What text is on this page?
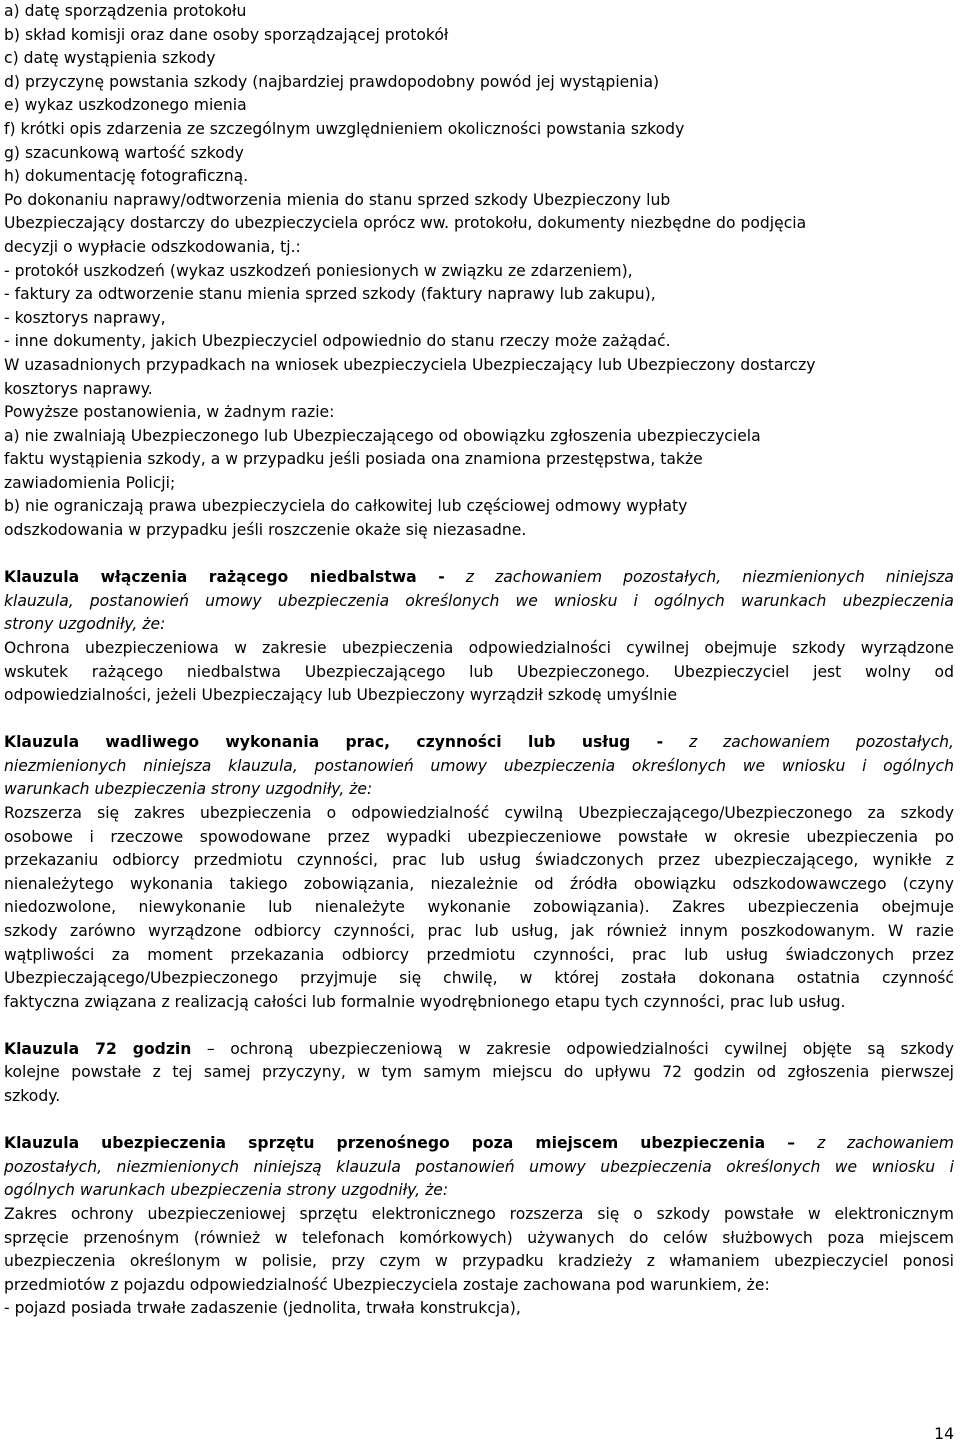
a) datę sporządzenia protokołu
b) skład komisji oraz dane osoby sporządzającej protokół
c) datę wystąpienia szkody
d) przyczynę powstania szkody (najbardziej prawdopodobny powód jej wystąpienia)
e) wykaz uszkodzonego mienia
f) krótki opis zdarzenia ze szczególnym uwzględnieniem okoliczności powstania szkody
g) szacunkową wartość szkody
h) dokumentację fotograficzną.
Po dokonaniu naprawy/odtworzenia mienia do stanu sprzed szkody Ubezpieczony lub
Ubezpieczający dostarczy do ubezpieczyciela oprócz ww. protokołu, dokumenty niezbędne do podjęcia
decyzji o wypłacie odszkodowania, tj.:
- protokół uszkodzeń (wykaz uszkodzeń poniesionych w związku ze zdarzeniem),
- faktury za odtworzenie stanu mienia sprzed szkody (faktury naprawy lub zakupu),
- kosztorys naprawy,
- inne dokumenty, jakich Ubezpieczyciel odpowiednio do stanu rzeczy może zażądać.
W uzasadnionych przypadkach na wniosek ubezpieczyciela Ubezpieczający lub Ubezpieczony dostarczy
kosztorys naprawy.
Powyższe postanowienia, w żadnym razie:
a) nie zwalniają Ubezpieczonego lub Ubezpieczającego od obowiązku zgłoszenia ubezpieczyciela
faktu wystąpienia szkody, a w przypadku jeśli posiada ona znamiona przestępstwa, także
zawiadomienia Policji;
b) nie ograniczają prawa ubezpieczyciela do całkowitej lub częściowej odmowy wypłaty
odszkodowania w przypadku jeśli roszczenie okaże się niezasadne.
Klauzula włączenia rażącego niedbalstwa - z zachowaniem pozostałych, niezmienionych niniejsza
klauzula, postanowień umowy ubezpieczenia określonych we wniosku i ogólnych warunkach ubezpieczenia
strony uzgodniły, że:
Ochrona ubezpieczeniowa w zakresie ubezpieczenia odpowiedzialności cywilnej obejmuje szkody wyrządzone
wskutek rażącego niedbalstwa Ubezpieczającego lub Ubezpieczonego. Ubezpieczyciel jest wolny od
odpowiedzialności, jeżeli Ubezpieczający lub Ubezpieczony wyrządził szkodę umyślnie
Klauzula wadliwego wykonania prac, czynności lub usług - z zachowaniem pozostałych,
niezmienionych niniejsza klauzula, postanowień umowy ubezpieczenia określonych we wniosku i ogólnych
warunkach ubezpieczenia strony uzgodniły, że:
Rozszerza się zakres ubezpieczenia o odpowiedzialność cywilną Ubezpieczającego/Ubezpieczonego za szkody
osobowe i rzeczowe spowodowane przez wypadki ubezpieczeniowe powstałe w okresie ubezpieczenia po
przekazaniu odbiorcy przedmiotu czynności, prac lub usług świadczonych przez ubezpieczającego, wynikłe z
nienależytego wykonania takiego zobowiązania, niezależnie od źródła obowiązku odszkodowawczego (czyny
niedozwolone, niewykonanie lub nienależyte wykonanie zobowiązania). Zakres ubezpieczenia obejmuje
szkody zarówno wyrządzone odbiorcy czynności, prac lub usług, jak również innym poszkodowanym. W razie
wątpliwości za moment przekazania odbiorcy przedmiotu czynności, prac lub usług świadczonych przez
Ubezpieczającego/Ubezpieczonego przyjmuje się chwilę, w której została dokonana ostatnia czynność
faktyczna związana z realizacją całości lub formalnie wyodrębnionego etapu tych czynności, prac lub usług.
Klauzula 72 godzin – ochroną ubezpieczeniową w zakresie odpowiedzialności cywilnej objęte są szkody
kolejne powstałe z tej samej przyczyny, w tym samym miejscu do upływu 72 godzin od zgłoszenia pierwszej
szkody.
Klauzula ubezpieczenia sprzętu przenośnego poza miejscem ubezpieczenia – z zachowaniem
pozostałych, niezmienionych niniejszą klauzula postanowień umowy ubezpieczenia określonych we wniosku i
ogólnych warunkach ubezpieczenia strony uzgodniły, że:
Zakres ochrony ubezpieczeniowej sprzętu elektronicznego rozszerza się o szkody powstałe w elektronicznym
sprzęcie przenośnym (również w telefonach komórkowych) używanych do celów służbowych poza miejscem
ubezpieczenia określonym w polisie, przy czym w przypadku kradzieży z włamaniem ubezpieczyciel ponosi
przedmiotów z pojazdu odpowiedzialność Ubezpieczyciela zostaje zachowana pod warunkiem, że:
- pojazd posiada trwałe zadaszenie (jednolita, trwała konstrukcja),
14
